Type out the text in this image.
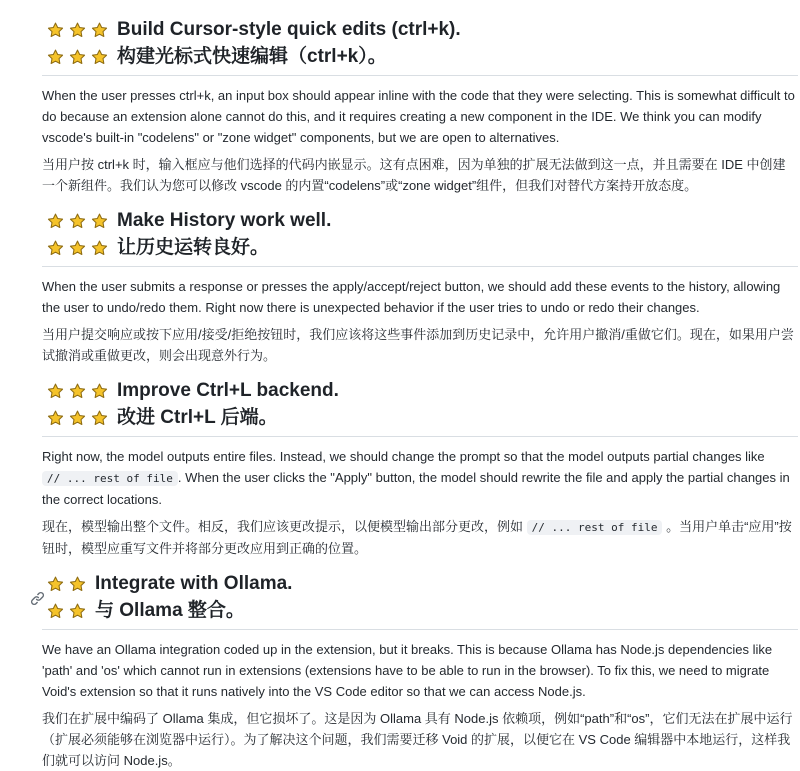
Build Cursor-style quick edits (ctrl+k).
构建光标式快速编辑（ctrl+k）。

When the user presses ctrl+k, an input box should appear inline with the code that they were selecting. This is somewhat difficult to do because an extension alone cannot do this, and it requires creating a new component in the IDE. We think you can modify vscode's built-in "codelens" or "zone widget" components, but we are open to alternatives.

当用户按 ctrl+k 时，输入框应与他们选择的代码内嵌显示。这有点困难，因为单独的扩展无法做到这一点，并且需要在 IDE 中创建一个新组件。我们认为您可以修改 vscode 的内置“codelens”或“zone widget”组件，但我们对替代方案持开放态度。

Make History work well.
让历史运转良好。

When the user submits a response or presses the apply/accept/reject button, we should add these events to the history, allowing the user to undo/redo them. Right now there is unexpected behavior if the user tries to undo or redo their changes.

当用户提交响应或按下应用/接受/拒绝按钮时，我们应该将这些事件添加到历史记录中，允许用户撤消/重做它们。现在，如果用户尝试撤消或重做更改，则会出现意外行为。

Improve Ctrl+L backend.
改进 Ctrl+L 后端。

Right now, the model outputs entire files. Instead, we should change the prompt so that the model outputs partial changes like // ... rest of file . When the user clicks the "Apply" button, the model should rewrite the file and apply the partial changes in the correct locations.

现在，模型输出整个文件。相反，我们应该更改提示，以便模型输出部分更改，例如 // ... rest of file 。当用户单击“应用”按钮时，模型应重写文件并将部分更改应用到正确的位置。

Integrate with Ollama.
与 Ollama 整合。

We have an Ollama integration coded up in the extension, but it breaks. This is because Ollama has Node.js dependencies like 'path' and 'os' which cannot run in extensions (extensions have to be able to run in the browser). To fix this, we need to migrate Void's extension so that it runs natively into the VS Code editor so that we can access Node.js.

我们在扩展中编码了 Ollama 集成，但它损坏了。这是因为 Ollama 具有 Node.js 依赖项，例如“path”和“os”，它们无法在扩展中运行（扩展必须能够在浏览器中运行）。为了解决这个问题，我们需要迁移 Void 的扩展，以便它在 VS Code 编辑器中本地运行，这样我们就可以访问 Node.js。
